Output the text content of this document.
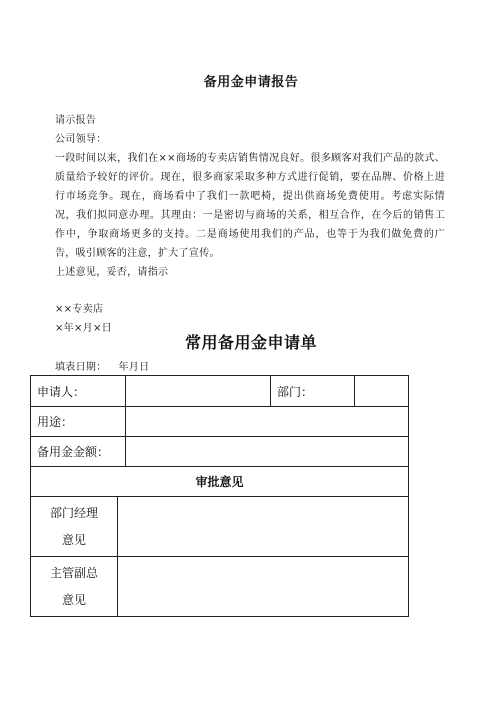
备用金申请报告

请示报告

公司领导：

一段时间以来，我们在××商场的专卖店销售情况良好。很多顾客对我们产品的款式、质量给予较好的评价。现在，很多商家采取多种方式进行促销，要在品牌、价格上进行市场竞争。现在，商场看中了我们一款吧椅，提出供商场免费使用。考虑实际情况，我们拟同意办理。其理由：一是密切与商场的关系，相互合作，在今后的销售工作中，争取商场更多的支持。二是商场使用我们的产品，也等于为我们做免费的广告，吸引顾客的注意，扩大了宣传。

上述意见，妥否，请指示

××专卖店

×年×月×日

常用备用金申请单
填表日期： 年月日
申请人：			部门：	
用途：				
备用金金额：				
审批意见				

部门经理
意见				

主管副总
意见				
